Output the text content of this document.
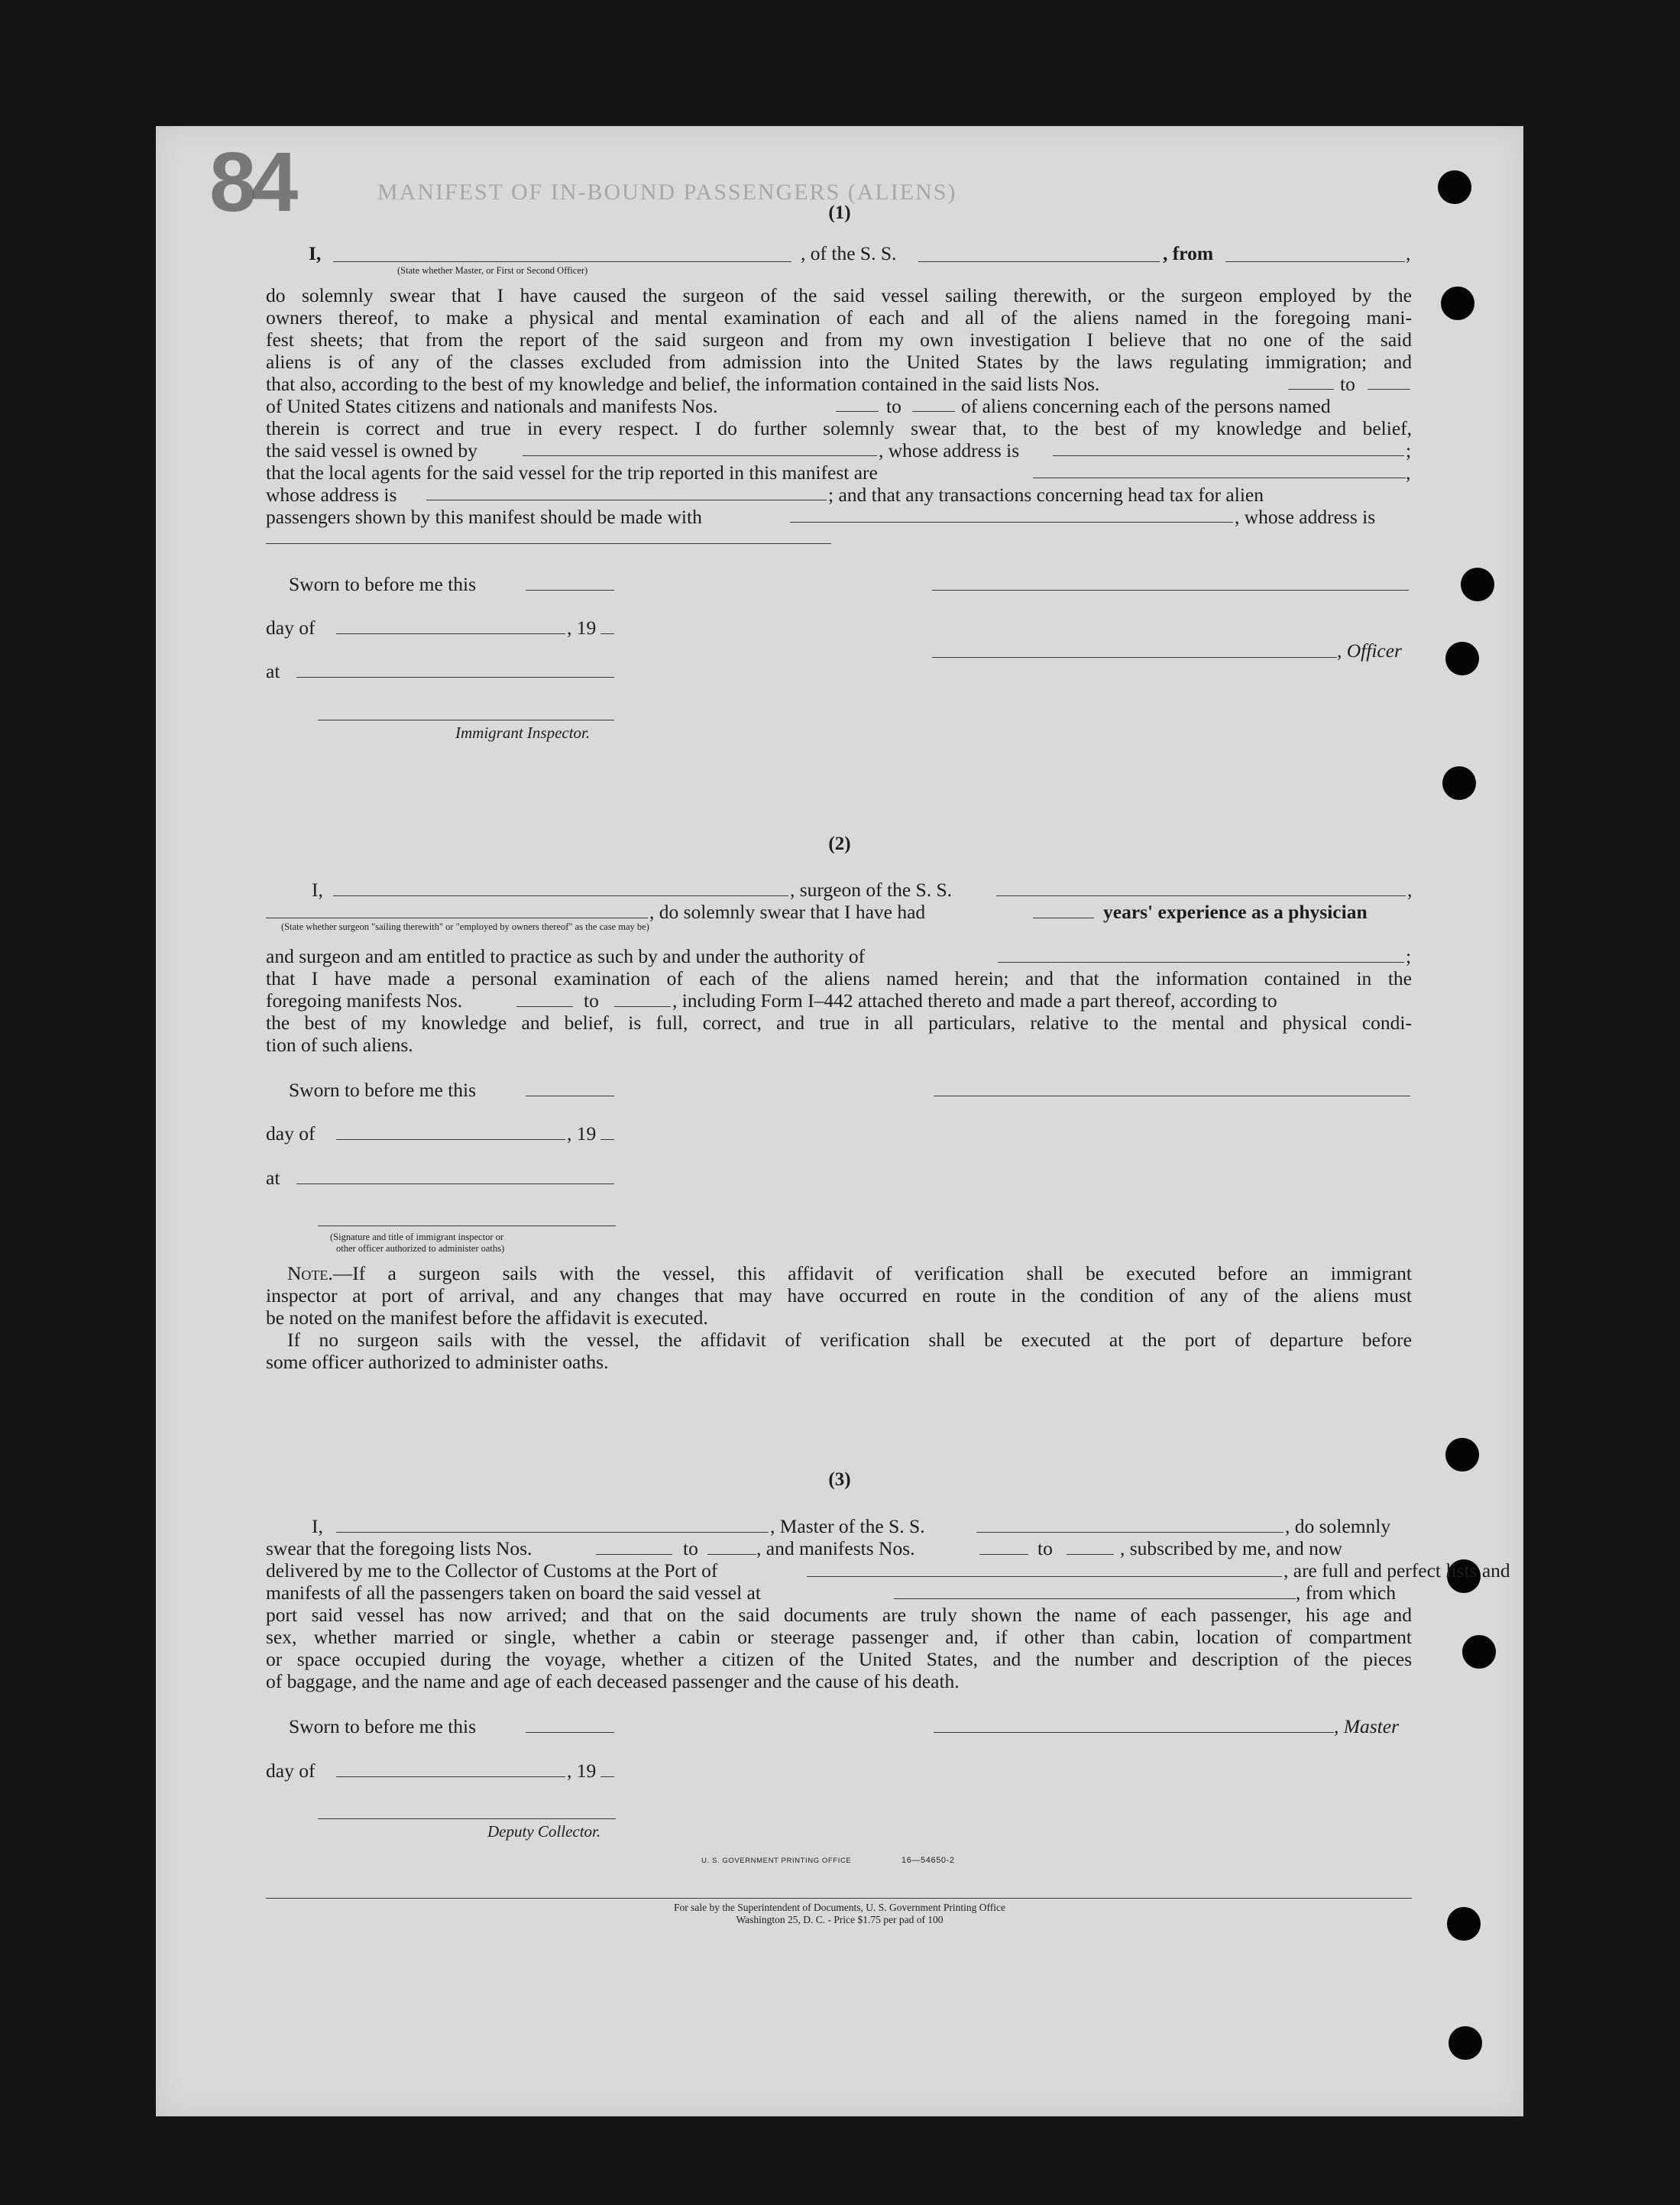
84	MANIFEST OF IN-BOUND PASSENGERS (ALIENS)
(1)
I,	, of the S. S.	, from	,
(State whether Master, or First or Second Officer)
do solemnly swear that I have caused the surgeon of the said vessel sailing therewith, or the surgeon employed by the
owners thereof, to make a physical and mental examination of each and all of the aliens named in the foregoing mani-
fest sheets; that from the report of the said surgeon and from my own investigation I believe that no one of the said
aliens is of any of the classes excluded from admission into the United States by the laws regulating immigration; and
that also, according to the best of my knowledge and belief, the information contained in the said lists Nos.	to
of United States citizens and nationals and manifests Nos.	to	of aliens concerning each of the persons named
therein is correct and true in every respect. I do further solemnly swear that, to the best of my knowledge and belief,
the said vessel is owned by	, whose address is	;
that the local agents for the said vessel for the trip reported in this manifest are	,
whose address is	; and that any transactions concerning head tax for alien
passengers shown by this manifest should be made with	, whose address is
Sworn to before me this
day of	, 19
, Officer
at
Immigrant Inspector.
(2)
I,	, surgeon of the S. S.	,
, do solemnly swear that I have had	years' experience as a physician
(State whether surgeon "sailing therewith" or "employed by owners thereof" as the case may be)
and surgeon and am entitled to practice as such by and under the authority of	;
that I have made a personal examination of each of the aliens named herein; and that the information contained in the
foregoing manifests Nos.	to	, including Form I–442 attached thereto and made a part thereof, according to
the best of my knowledge and belief, is full, correct, and true in all particulars, relative to the mental and physical condi-
tion of such aliens.
Sworn to before me this
day of	, 19
at
(Signature and title of immigrant inspector or
other officer authorized to administer oaths)
Note.—If a surgeon sails with the vessel, this affidavit of verification shall be executed before an immigrant
inspector at port of arrival, and any changes that may have occurred en route in the condition of any of the aliens must
be noted on the manifest before the affidavit is executed.
If no surgeon sails with the vessel, the affidavit of verification shall be executed at the port of departure before
some officer authorized to administer oaths.
(3)
I,	, Master of the S. S.	, do solemnly
swear that the foregoing lists Nos.	to	, and manifests Nos.	to	, subscribed by me, and now
delivered by me to the Collector of Customs at the Port of	, are full and perfect lists and
manifests of all the passengers taken on board the said vessel at	, from which
port said vessel has now arrived; and that on the said documents are truly shown the name of each passenger, his age and
sex, whether married or single, whether a cabin or steerage passenger and, if other than cabin, location of compartment
or space occupied during the voyage, whether a citizen of the United States, and the number and description of the pieces
of baggage, and the name and age of each deceased passenger and the cause of his death.
Sworn to before me this	, Master
day of	, 19
Deputy Collector.
U. S. GOVERNMENT PRINTING OFFICE	16—54650-2
For sale by the Superintendent of Documents, U. S. Government Printing Office
Washington 25, D. C. - Price $1.75 per pad of 100
